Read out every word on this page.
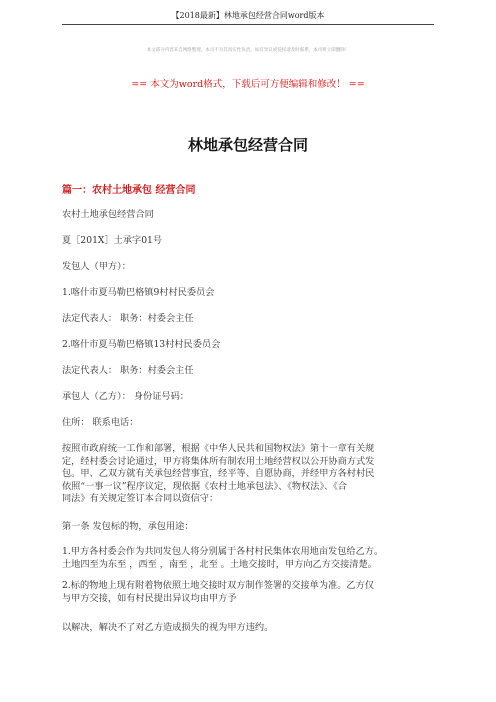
【2018最新】林地承包经营合同word版本

本文部分内容来自网络整理，本司不为其真实性负责，如有异议或侵权请及时联系，本司将立即删除！

== 本文为word格式，下载后可方便编辑和修改！ ==

林地承包经营合同

篇一：农村土地承包 经营合同

农村土地承包经营合同

夏［201X］土承字01号

发包人（甲方）：

1.喀什市夏马勒巴格镇9村村民委员会

法定代表人： 职务：村委会主任

2.喀什市夏马勒巴格镇13村村民委员会

法定代表人： 职务：村委会主任

承包人（乙方）： 身份证号码：

住所： 联系电话：

按照市政府统一工作和部署，根据《中华人民共和国物权法》第十一章有关规
定，经村委会讨论通过，甲方将集体所有制农用土地经营权以公开协商方式发
包。甲、乙双方就有关承包经营事宜，经平等、自愿协商，并经甲方各村村民
依照“一事一议”程序议定，现依据《农村土地承包法》、《物权法》、《合
同法》有关规定签订本合同以资信守：

第一条 发包标的物，承包用途：

1.甲方各村委会作为共同发包人将分别属于各村村民集体农用地亩发包给乙方。
土地四至为东至 ，西至 ，南至 ，北至 。土地交接时，甲方向乙方交接清楚。
2.标的物地上现有附着物依照土地交接时双方制作签署的交接单为准。乙方仅
与甲方交接，如有村民提出异议均由甲方予

以解决，解决不了对乙方造成损失的视为甲方违约。
